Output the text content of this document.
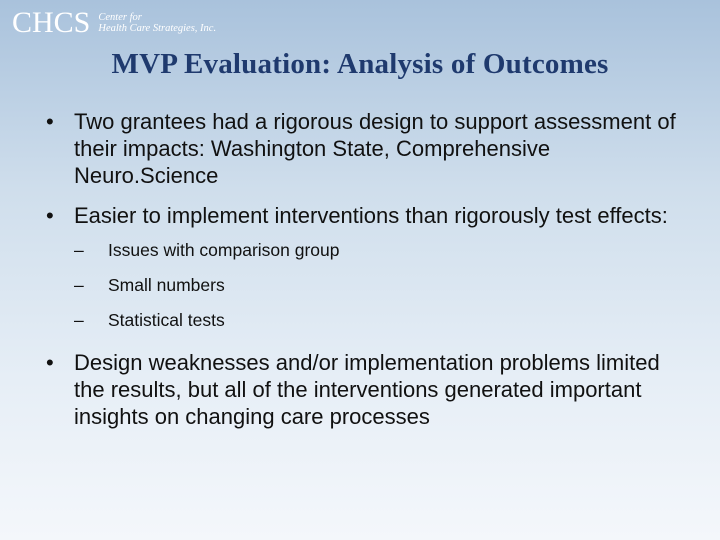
CHCS Center for
Health Care Strategies, Inc.
MVP Evaluation: Analysis of Outcomes
• Two grantees had a rigorous design to support assessment of their impacts: Washington State, Comprehensive Neuro.Science
• Easier to implement interventions than rigorously test effects:
– Issues with comparison group
– Small numbers
– Statistical tests
• Design weaknesses and/or implementation problems limited the results, but all of the interventions generated important insights on changing care processes
